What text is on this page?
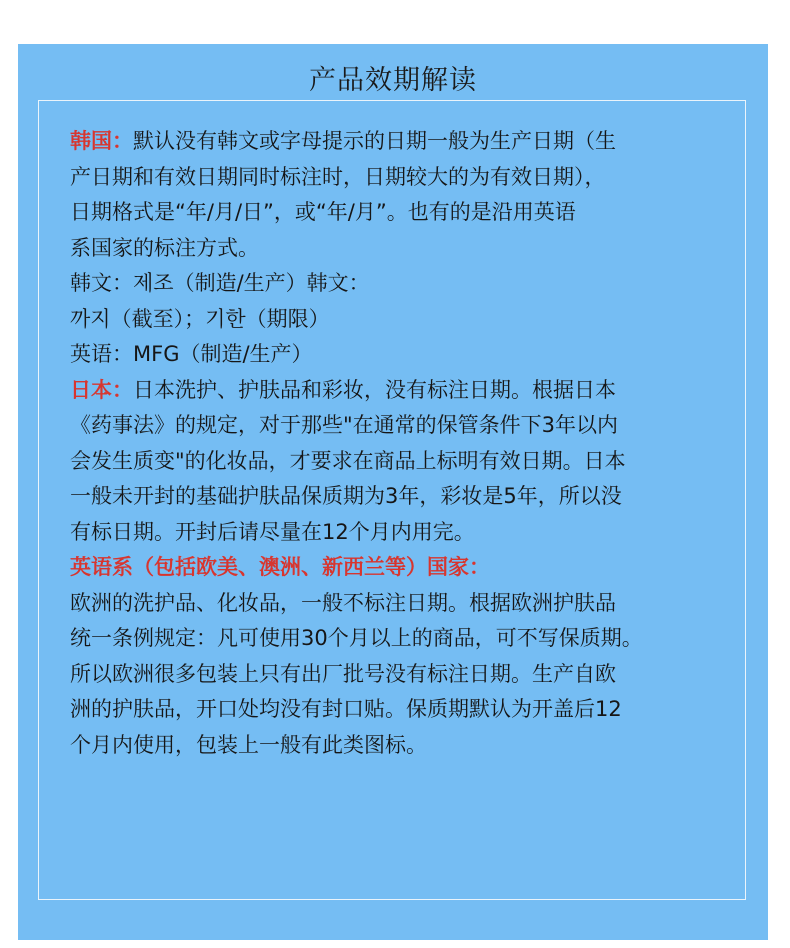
产品效期解读
韩国：默认没有韩文或字母提示的日期一般为生产日期（生
产日期和有效日期同时标注时，日期较大的为有效日期），
日期格式是“年/月/日”，或“年/月”。也有的是沿用英语
系国家的标注方式。
韩文：제조（制造/生产）韩文：
까지（截至）；기한（期限）
英语：MFG（制造/生产）
日本：日本洗护、护肤品和彩妆，没有标注日期。根据日本
《药事法》的规定，对于那些"在通常的保管条件下3年以内
会发生质变"的化妆品，才要求在商品上标明有效日期。日本
一般未开封的基础护肤品保质期为3年，彩妆是5年，所以没
有标日期。开封后请尽量在12个月内用完。
英语系（包括欧美、澳洲、新西兰等）国家：
欧洲的洗护品、化妆品，一般不标注日期。根据欧洲护肤品
统一条例规定：凡可使用30个月以上的商品，可不写保质期。
所以欧洲很多包装上只有出厂批号没有标注日期。生产自欧
洲的护肤品，开口处均没有封口贴。保质期默认为开盖后12
个月内使用，包装上一般有此类图标。
